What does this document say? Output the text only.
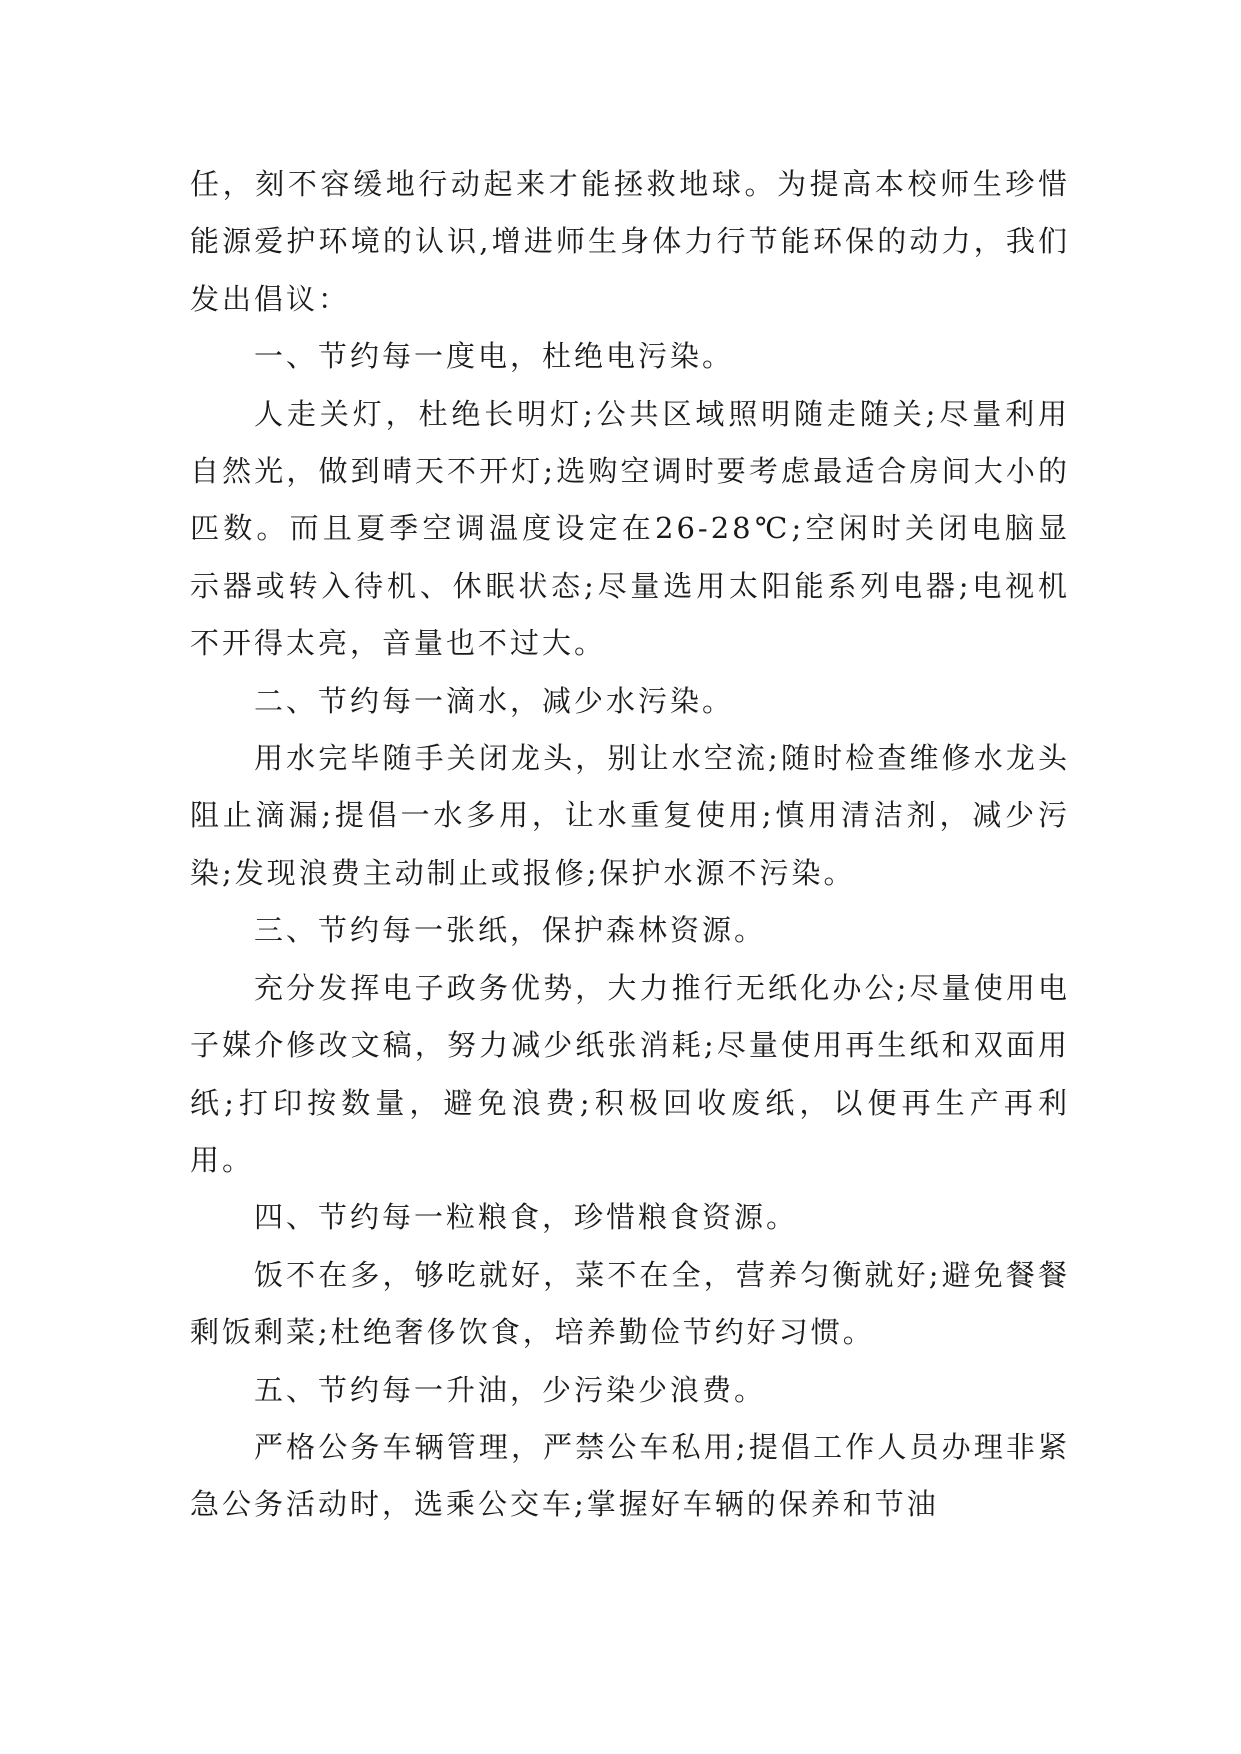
任，刻不容缓地行动起来才能拯救地球。为提高本校师生珍惜能源爱护环境的认识,增进师生身体力行节能环保的动力，我们发出倡议：

一、节约每一度电，杜绝电污染。

人走关灯，杜绝长明灯;公共区域照明随走随关;尽量利用自然光，做到晴天不开灯;选购空调时要考虑最适合房间大小的匹数。而且夏季空调温度设定在26-28℃;空闲时关闭电脑显示器或转入待机、休眠状态;尽量选用太阳能系列电器;电视机不开得太亮，音量也不过大。

二、节约每一滴水，减少水污染。

用水完毕随手关闭龙头，别让水空流;随时检查维修水龙头阻止滴漏;提倡一水多用，让水重复使用;慎用清洁剂，减少污染;发现浪费主动制止或报修;保护水源不污染。

三、节约每一张纸，保护森林资源。

充分发挥电子政务优势，大力推行无纸化办公;尽量使用电子媒介修改文稿，努力减少纸张消耗;尽量使用再生纸和双面用纸;打印按数量，避免浪费;积极回收废纸，以便再生产再利用。

四、节约每一粒粮食，珍惜粮食资源。

饭不在多，够吃就好，菜不在全，营养匀衡就好;避免餐餐剩饭剩菜;杜绝奢侈饮食，培养勤俭节约好习惯。

五、节约每一升油，少污染少浪费。

严格公务车辆管理，严禁公车私用;提倡工作人员办理非紧急公务活动时，选乘公交车;掌握好车辆的保养和节油
